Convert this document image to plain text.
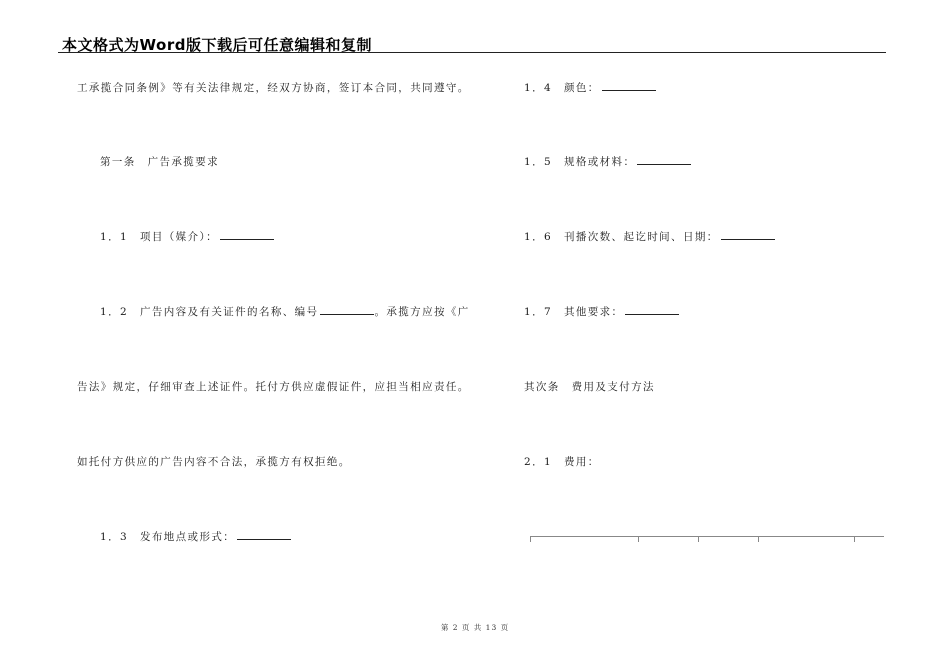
本文格式为Word版下载后可任意编辑和复制
工承揽合同条例》等有关法律规定，经双方协商，签订本合同，共同遵守。
第一条　广告承揽要求
1．1　项目（媒介）：
1．2　广告内容及有关证件的名称、编号	。承揽方应按《广
告法》规定，仔细审查上述证件。托付方供应虚假证件，应担当相应责任。
如托付方供应的广告内容不合法，承揽方有权拒绝。
1．3　发布地点或形式：
1．4　颜色：
1．5　规格或材料：
1．6　刊播次数、起讫时间、日期：
1．7　其他要求：
其次条　费用及支付方法
2．1　费用：
第 2 页 共 13 页
